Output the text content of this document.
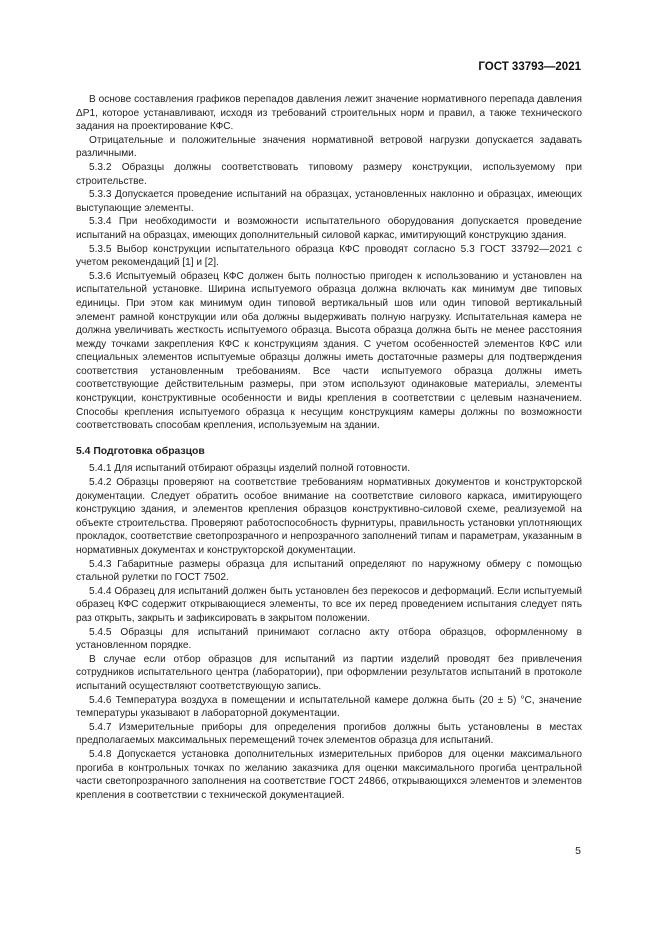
ГОСТ 33793—2021

В основе составления графиков перепадов давления лежит значение нормативного перепада давления ΔP1, которое устанавливают, исходя из требований строительных норм и правил, а также технического задания на проектирование КФС.

Отрицательные и положительные значения нормативной ветровой нагрузки допускается задавать различными.

5.3.2 Образцы должны соответствовать типовому размеру конструкции, используемому при строительстве.

5.3.3 Допускается проведение испытаний на образцах, установленных наклонно и образцах, имеющих выступающие элементы.

5.3.4 При необходимости и возможности испытательного оборудования допускается проведение испытаний на образцах, имеющих дополнительный силовой каркас, имитирующий конструкцию здания.

5.3.5 Выбор конструкции испытательного образца КФС проводят согласно 5.3 ГОСТ 33792—2021 с учетом рекомендаций [1] и [2].

5.3.6 Испытуемый образец КФС должен быть полностью пригоден к использованию и установлен на испытательной установке. Ширина испытуемого образца должна включать как минимум две типовых единицы. При этом как минимум один типовой вертикальный шов или один типовой вертикальный элемент рамной конструкции или оба должны выдерживать полную нагрузку. Испытательная камера не должна увеличивать жесткость испытуемого образца. Высота образца должна быть не менее расстояния между точками закрепления КФС к конструкциям здания. С учетом особенностей элементов КФС или специальных элементов испытуемые образцы должны иметь достаточные размеры для подтверждения соответствия установленным требованиям. Все части испытуемого образца должны иметь соответствующие действительным размеры, при этом используют одинаковые материалы, элементы конструкции, конструктивные особенности и виды крепления в соответствии с целевым назначением. Способы крепления испытуемого образца к несущим конструкциям камеры должны по возможности соответствовать способам крепления, используемым на здании.

5.4 Подготовка образцов

5.4.1 Для испытаний отбирают образцы изделий полной готовности.

5.4.2 Образцы проверяют на соответствие требованиям нормативных документов и конструкторской документации. Следует обратить особое внимание на соответствие силового каркаса, имитирующего конструкцию здания, и элементов крепления образцов конструктивно-силовой схеме, реализуемой на объекте строительства. Проверяют работоспособность фурнитуры, правильность установки уплотняющих прокладок, соответствие светопрозрачного и непрозрачного заполнений типам и параметрам, указанным в нормативных документах и конструкторской документации.

5.4.3 Габаритные размеры образца для испытаний определяют по наружному обмеру с помощью стальной рулетки по ГОСТ 7502.

5.4.4 Образец для испытаний должен быть установлен без перекосов и деформаций. Если испытуемый образец КФС содержит открывающиеся элементы, то все их перед проведением испытания следует пять раз открыть, закрыть и зафиксировать в закрытом положении.

5.4.5 Образцы для испытаний принимают согласно акту отбора образцов, оформленному в установленном порядке.

В случае если отбор образцов для испытаний из партии изделий проводят без привлечения сотрудников испытательного центра (лаборатории), при оформлении результатов испытаний в протоколе испытаний осуществляют соответствующую запись.

5.4.6 Температура воздуха в помещении и испытательной камере должна быть (20 ± 5) °С, значение температуры указывают в лабораторной документации.

5.4.7 Измерительные приборы для определения прогибов должны быть установлены в местах предполагаемых максимальных перемещений точек элементов образца для испытаний.

5.4.8 Допускается установка дополнительных измерительных приборов для оценки максимального прогиба в контрольных точках по желанию заказчика для оценки максимального прогиба центральной части светопрозрачного заполнения на соответствие ГОСТ 24866, открывающихся элементов и элементов крепления в соответствии с технической документацией.

5
